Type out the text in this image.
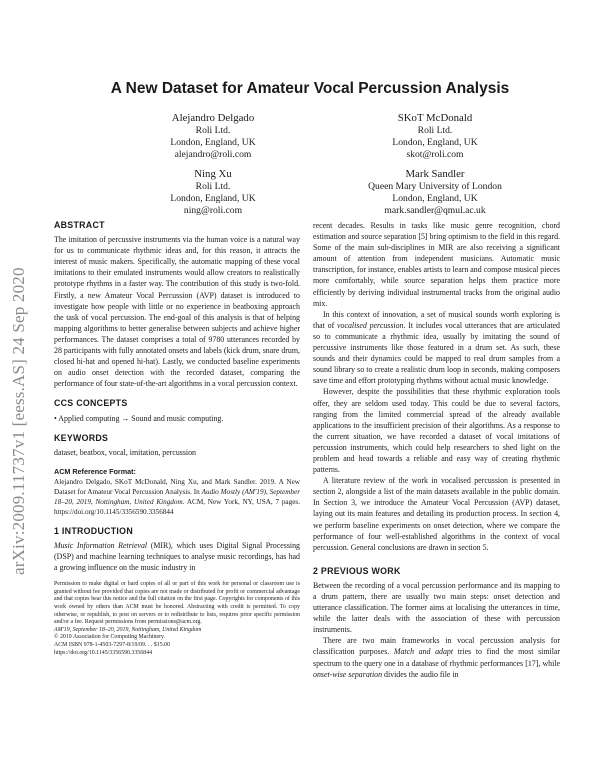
arXiv:2009.11737v1 [eess.AS] 24 Sep 2020
A New Dataset for Amateur Vocal Percussion Analysis
Alejandro Delgado
Roli Ltd.
London, England, UK
alejandro@roli.com
SKoT McDonald
Roli Ltd.
London, England, UK
skot@roli.com
Ning Xu
Roli Ltd.
London, England, UK
ning@roli.com
Mark Sandler
Queen Mary University of London
London, England, UK
mark.sandler@qmul.ac.uk
ABSTRACT

The imitation of percussive instruments via the human voice is a natural way for us to communicate rhythmic ideas and, for this reason, it attracts the interest of music makers. Specifically, the automatic mapping of these vocal imitations to their emulated instruments would allow creators to realistically prototype rhythms in a faster way. The contribution of this study is two-fold. Firstly, a new Amateur Vocal Percussion (AVP) dataset is introduced to investigate how people with little or no experience in beatboxing approach the task of vocal percussion. The end-goal of this analysis is that of helping mapping algorithms to better generalise between subjects and achieve higher performances. The dataset comprises a total of 9780 utterances recorded by 28 participants with fully annotated onsets and labels (kick drum, snare drum, closed hi-hat and opened hi-hat). Lastly, we conducted baseline experiments on audio onset detection with the recorded dataset, comparing the performance of four state-of-the-art algorithms in a vocal percussion context.

CCS CONCEPTS

• Applied computing → Sound and music computing.

KEYWORDS

dataset, beatbox, vocal, imitation, percussion

ACM Reference Format:

Alejandro Delgado, SKoT McDonald, Ning Xu, and Mark Sandler. 2019. A New Dataset for Amateur Vocal Percussion Analysis. In Audio Mostly (AM'19), September 18–20, 2019, Nottingham, United Kingdom. ACM, New York, NY, USA, 7 pages. https://doi.org/10.1145/3356590.3356844

1 INTRODUCTION

Music Information Retrieval (MIR), which uses Digital Signal Processing (DSP) and machine learning techniques to analyse music recordings, has had a growing influence on the music industry in

Permission to make digital or hard copies of all or part of this work for personal or classroom use is granted without fee provided that copies are not made or distributed for profit or commercial advantage and that copies bear this notice and the full citation on the first page. Copyrights for components of this work owned by others than ACM must be honored. Abstracting with credit is permitted. To copy otherwise, or republish, to post on servers or to redistribute to lists, requires prior specific permission and/or a fee. Request permissions from permissions@acm.org.

AM'19, September 18–20, 2019, Nottingham, United Kingdom
© 2019 Association for Computing Machinery.
ACM ISBN 978-1-4503-7297-8/19/09. . . $15.00
https://doi.org/10.1145/3356590.3356844

recent decades. Results in tasks like music genre recognition, chord estimation and source separation [5] bring optimism to the field in this regard. Some of the main sub-disciplines in MIR are also receiving a significant amount of attention from independent musicians. Automatic music transcription, for instance, enables artists to learn and compose musical pieces more comfortably, while source separation helps them practice more efficiently by deriving individual instrumental tracks from the original audio mix.

In this context of innovation, a set of musical sounds worth exploring is that of vocalised percussion. It includes vocal utterances that are articulated so to communicate a rhythmic idea, usually by imitating the sound of percussive instruments like those featured in a drum set. As such, these sounds and their dynamics could be mapped to real drum samples from a sound library so to create a realistic drum loop in seconds, making composers save time and effort prototyping rhythms without actual music knowledge.

However, despite the possibilities that these rhythmic exploration tools offer, they are seldom used today. This could be due to several factors, ranging from the limited commercial spread of the already available applications to the insufficient precision of their algorithms. As a response to the current situation, we have recorded a dataset of vocal imitations of percussion instruments, which could help researchers to shed light on the problem and head towards a reliable and easy way of creating rhythmic patterns.

A literature review of the work in vocalised percussion is presented in section 2, alongside a list of the main datasets available in the public domain. In Section 3, we introduce the Amateur Vocal Percussion (AVP) dataset, laying out its main features and detailing its production process. In section 4, we perform baseline experiments on onset detection, where we compare the performance of four well-established algorithms in the context of vocal percussion. General conclusions are drawn in section 5.

2 PREVIOUS WORK

Between the recording of a vocal percussion performance and its mapping to a drum pattern, there are usually two main steps: onset detection and utterance classification. The former aims at localising the utterances in time, while the latter deals with the association of these with percussion instruments.

There are two main frameworks in vocal percussion analysis for classification purposes. Match and adapt tries to find the most similar spectrum to the query one in a database of rhythmic performances [17], while onset-wise separation divides the audio file in
